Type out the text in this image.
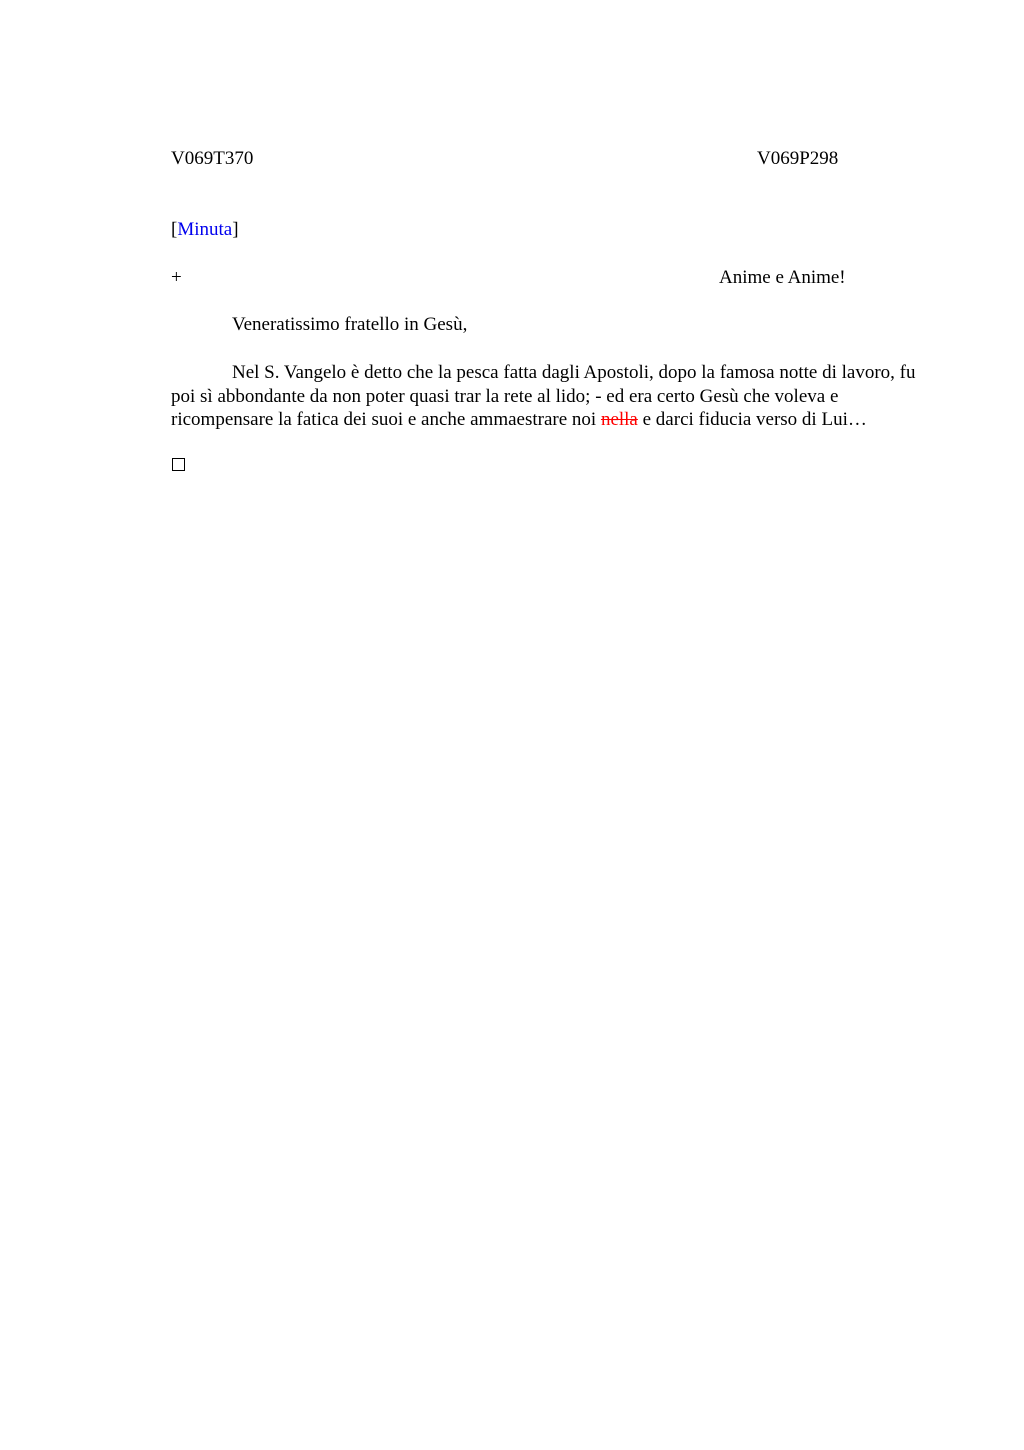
V069T370	V069P298
[Minuta]
+	Anime e Anime!
Veneratissimo fratello in Gesù,
Nel S. Vangelo è detto che la pesca fatta dagli Apostoli, dopo la famosa notte di lavoro, fu poi sì abbondante da non poter quasi trar la rete al lido; - ed era certo Gesù che voleva e ricompensare la fatica dei suoi e anche ammaestrare noi nella e darci fiducia verso di Lui…
